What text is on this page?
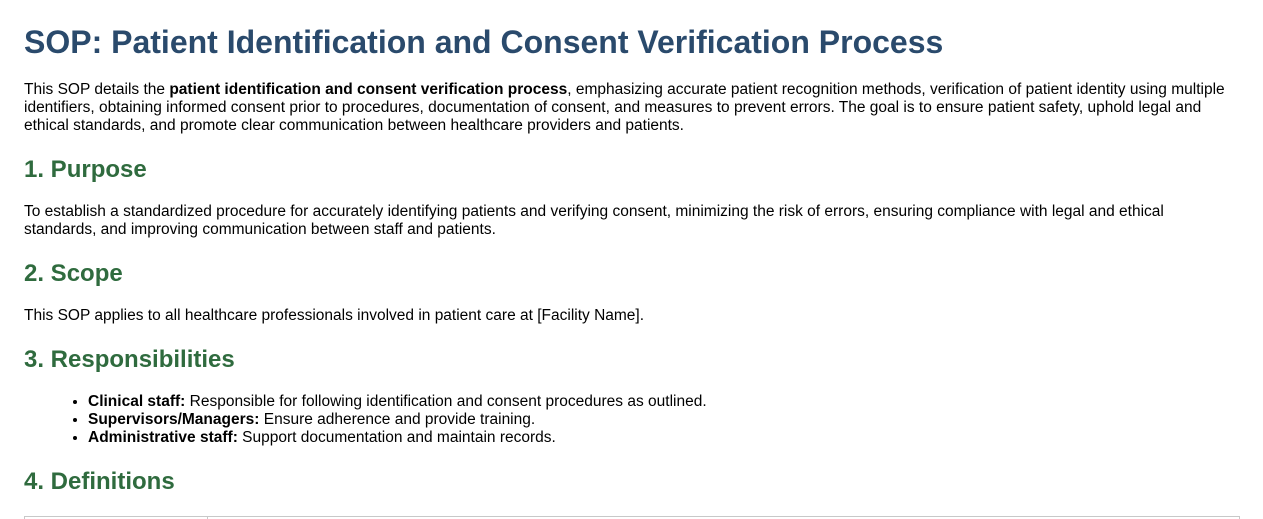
SOP: Patient Identification and Consent Verification Process

This SOP details the patient identification and consent verification process, emphasizing accurate patient recognition methods, verification of patient identity using multiple identifiers, obtaining informed consent prior to procedures, documentation of consent, and measures to prevent errors. The goal is to ensure patient safety, uphold legal and ethical standards, and promote clear communication between healthcare providers and patients.

1. Purpose

To establish a standardized procedure for accurately identifying patients and verifying consent, minimizing the risk of errors, ensuring compliance with legal and ethical standards, and improving communication between staff and patients.

2. Scope

This SOP applies to all healthcare professionals involved in patient care at [Facility Name].

3. Responsibilities
• Clinical staff: Responsible for following identification and consent procedures as outlined.
• Supervisors/Managers: Ensure adherence and provide training.
• Administrative staff: Support documentation and maintain records.
4. Definitions
